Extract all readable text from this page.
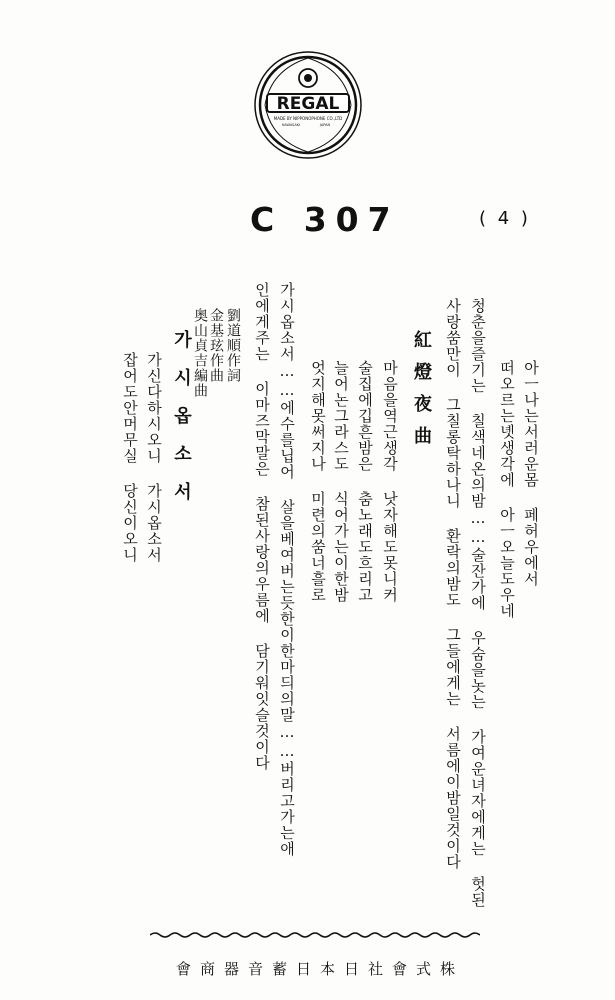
REGAL
MADE BY NIPPONOPHONE CO.,LTD
KAWASAKI	JAPAN
C 307	( 4 )
아ㅡ나는서러운몸 페허우에서
떠오르는녯생각에 아ㅡ오늘도우네
청춘을즐기는 칠색네온의밤……술잔가에 우숨을놋는 가여운녀자에게는 헛된
사랑쑴만이 그칠롱탁하나니 환락의밤도 그들에게는 서름에이밤일것이다
紅燈夜曲
마음을역근생각 낫자해도못니커
술집에깁흔밤은 춤노래도흐리고
늘어논그라스도 식어가는이한밤
엇지해못써지나 미련의쑴너흘로
가시옵소서……에수를닙어 살을베여버는듯한이한마듸의말……버리고가는애
인에게주는 이마즈막말은 참된사랑의우름에 담기워잇슬것이다
劉道順作詞
金基玹作曲
奥山貞吉編曲
가시옵소서
가신다하시오니 가시옵소서
잡어도안머무실 당신이오니
會商器音蓄日本日社會式株
